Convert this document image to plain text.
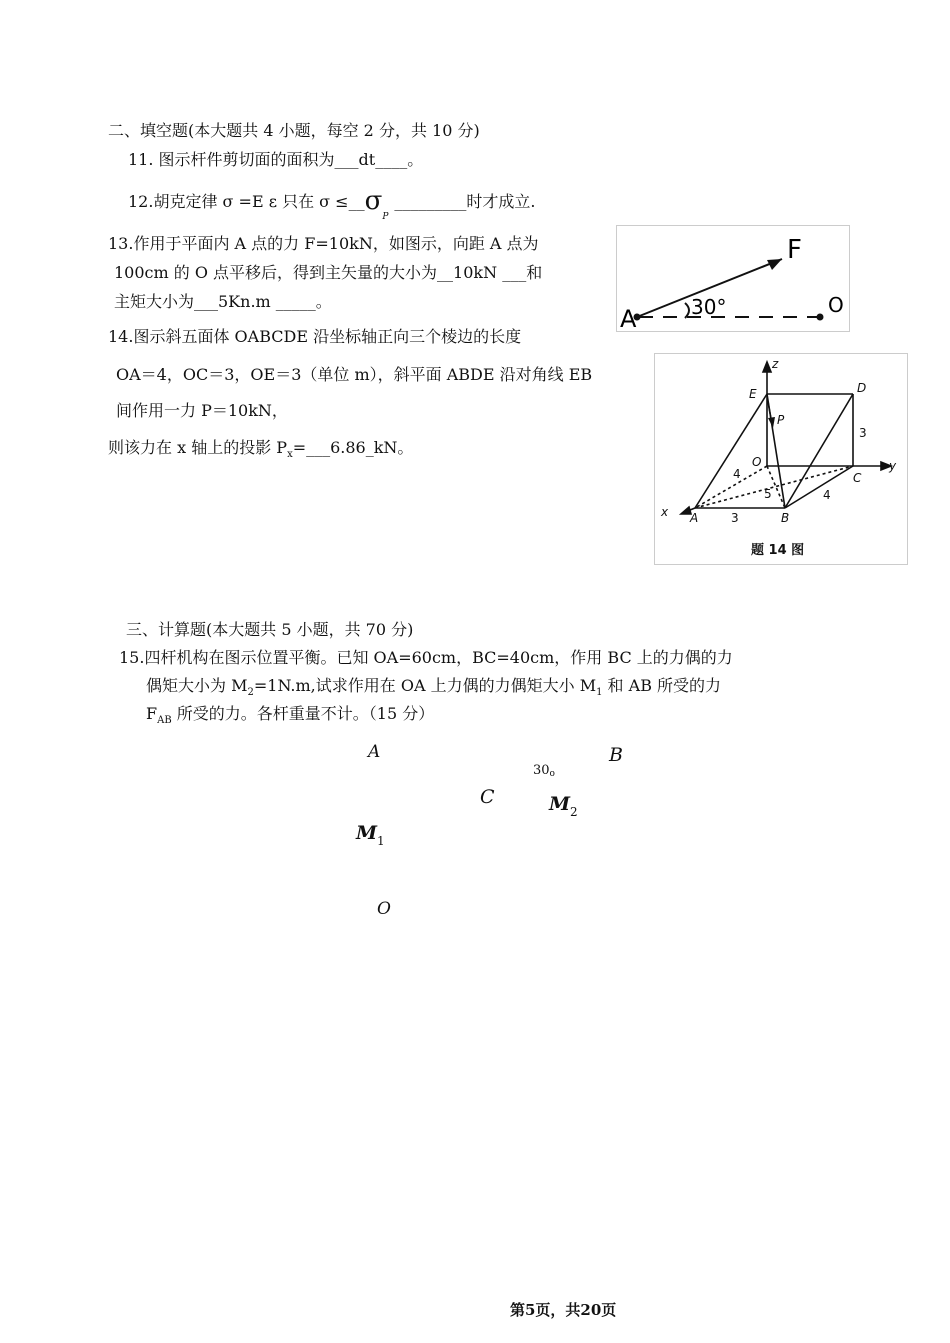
二、填空题(本大题共 4 小题，每空 2 分，共 10 分)
11. 图示杆件剪切面的面积为___dt____。
12.胡克定律 σ =E ε 只在 $\sigma \le\_\_\sigma_P\_\_\_\_\_\_\_\_\_$时才成立.
13.作用于平面内 A 点的力 F=10kN，如图示，向距 A 点为
100cm 的 O 点平移后，得到主矢量的大小为__10kN ___和
主矩大小为___5Kn.m _____。
F
A	O
30°
14.图示斜五面体 OABCDE 沿坐标轴正向三个棱边的长度
OA＝4，OC＝3，OE＝3（单位 m），斜平面 ABDE 沿对角线 EB
间作用一力 P＝10kN，
则该力在 x 轴上的投影 $P_x=\_\_\_6.86\_kN$。
z
y
x
E	D
P
O
A	B
C
3
4
5	4
3
题 14 图
三、计算题(本大题共 5 小题，共 70 分)
15.四杆机构在图示位置平衡。已知 OA=60cm，BC=40cm，作用 BC 上的力偶的力
偶矩大小为 $M_2=1N.m$,试求作用在 OA 上力偶的力偶矩大小 $M_1$ 和 AB 所受的力
$F_{AB}$ 所受的力。各杆重量不计。（15 分）
A	B
30o
C	$M_2$
$M_1$
O
第5页，共20页
